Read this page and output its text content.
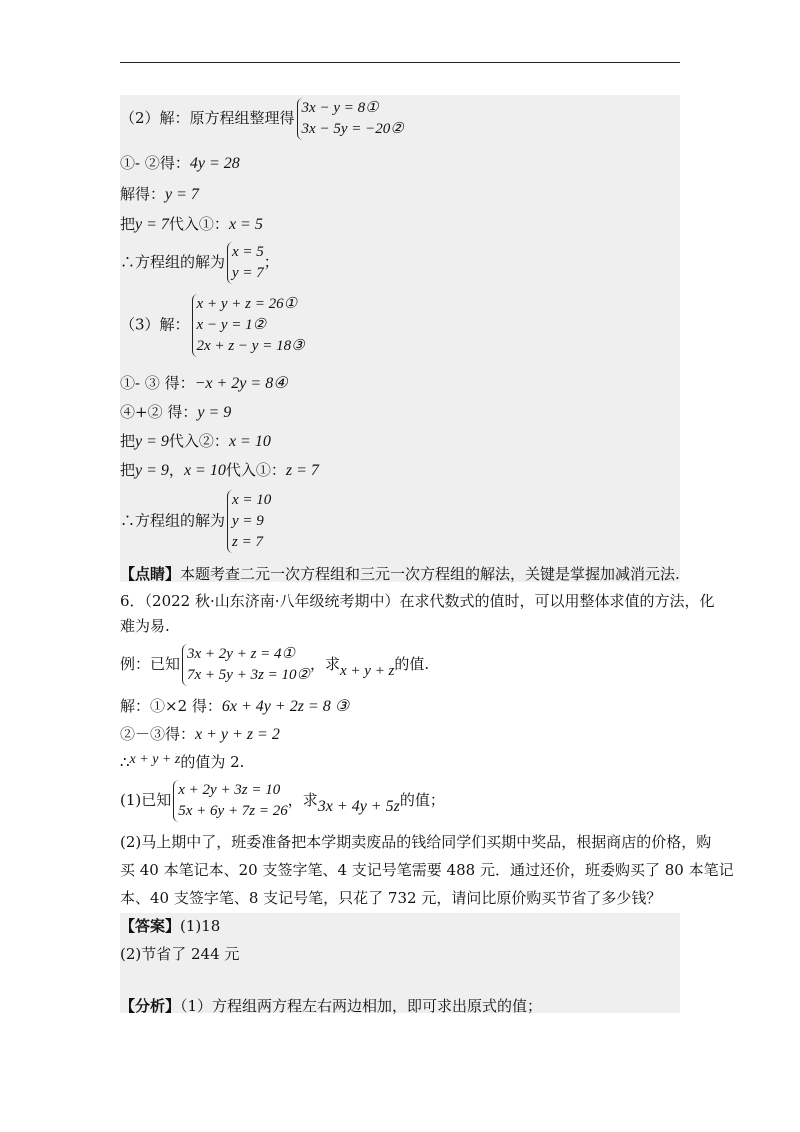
（2）解：原方程组整理得
3x − y = 8①
3x − 5y = −20②
①- ②得：4y = 28
解得：y = 7
把y = 7代入①：x = 5
∴方程组的解为
x = 5
y = 7
；
（3）解：
x + y + z = 26①
x − y = 1②
2x + z − y = 18③
①- ③ 得：−x + 2y = 8④
④+② 得：y = 9
把y = 9代入②：x = 10
把y = 9，x = 10代入①：z = 7
∴方程组的解为
x = 10
y = 9
z = 7
【点睛】本题考查二元一次方程组和三元一次方程组的解法，关键是掌握加减消元法.
6．（2022 秋·山东济南·八年级统考期中）在求代数式的值时，可以用整体求值的方法，化
难为易.
例：已知
3x + 2y + z = 4①
7x + 5y + 3z = 10②
，求x + y + z的值.
解：①×2 得：6x + 4y + 2z = 8 ③
②－③得：x + y + z = 2
∴x + y + z的值为 2.
(1)已知
x + 2y + 3z = 10
5x + 6y + 7z = 26
，求3x + 4y + 5z的值；
(2)马上期中了，班委准备把本学期卖废品的钱给同学们买期中奖品，根据商店的价格，购
买 40 本笔记本、20 支签字笔、4 支记号笔需要 488 元．通过还价，班委购买了 80 本笔记
本、40 支签字笔、8 支记号笔，只花了 732 元，请问比原价购买节省了多少钱？
【答案】(1)18
(2)节省了 244 元
【分析】（1）方程组两方程左右两边相加，即可求出原式的值；
